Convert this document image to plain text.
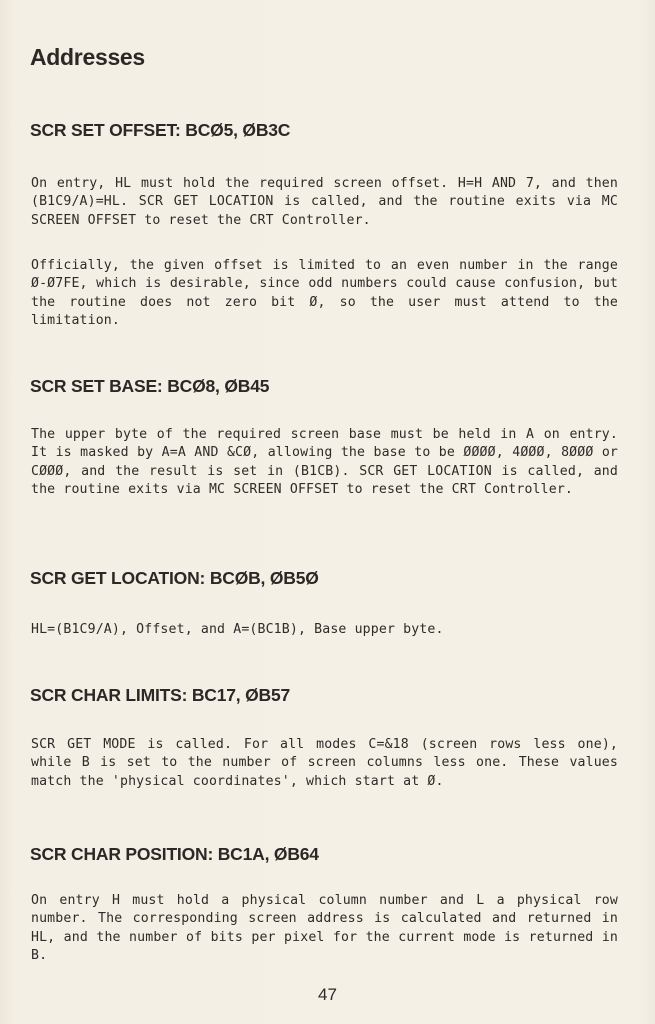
Addresses
SCR SET OFFSET: BCØ5, ØB3C

On entry, HL must hold the required screen offset. H=H AND 7, and then (B1C9/A)=HL. SCR GET LOCATION is called, and the routine exits via MC SCREEN OFFSET to reset the CRT Controller.

Officially, the given offset is limited to an even number in the range Ø-Ø7FE, which is desirable, since odd numbers could cause confusion, but the routine does not zero bit Ø, so the user must attend to the limitation.

SCR SET BASE: BCØ8, ØB45

The upper byte of the required screen base must be held in A on entry. It is masked by A=A AND &CØ, allowing the base to be ØØØØ, 4ØØØ, 8ØØØ or CØØØ, and the result is set in (B1CB). SCR GET LOCATION is called, and the routine exits via MC SCREEN OFFSET to reset the CRT Controller.

SCR GET LOCATION: BCØB, ØB5Ø

HL=(B1C9/A), Offset, and A=(BC1B), Base upper byte.

SCR CHAR LIMITS: BC17, ØB57

SCR GET MODE is called. For all modes C=&18 (screen rows less one), while B is set to the number of screen columns less one. These values match the 'physical coordinates', which start at Ø.

SCR CHAR POSITION: BC1A, ØB64

On entry H must hold a physical column number and L a physical row number. The corresponding screen address is calculated and returned in HL, and the number of bits per pixel for the current mode is returned in B.

47
